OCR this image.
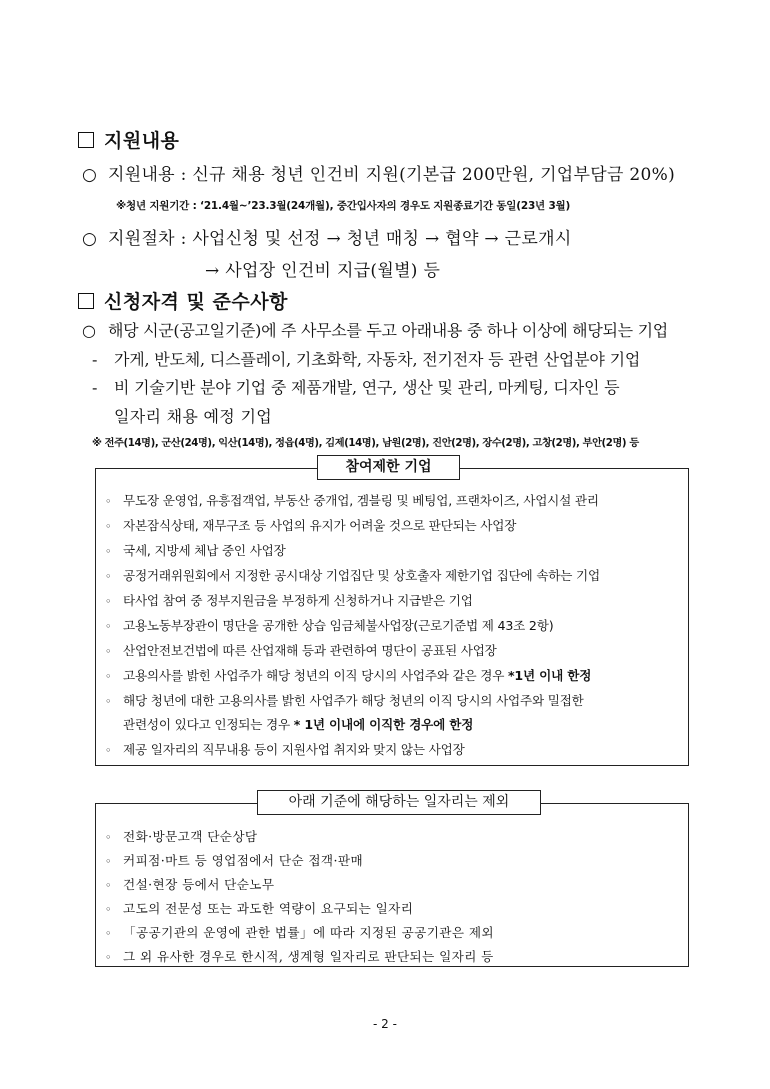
지원내용
○ 지원내용 : 신규 채용 청년 인건비 지원(기본급 200만원, 기업부담금 20%)
※청년 지원기간 : ‘21.4월~’23.3월(24개월), 중간입사자의 경우도 지원종료기간 동일(23년 3월)
○ 지원절차 : 사업신청 및 선정 → 청년 매칭 → 협약 → 근로개시
→ 사업장 인건비 지급(월별) 등
신청자격 및 준수사항
○ 해당 시군(공고일기준)에 주 사무소를 두고 아래내용 중 하나 이상에 해당되는 기업
- 가게, 반도체, 디스플레이, 기초화학, 자동차, 전기전자 등 관련 산업분야 기업
- 비 기술기반 분야 기업 중 제품개발, 연구, 생산 및 관리, 마케팅, 디자인 등
일자리 채용 예정 기업
※ 전주(14명), 군산(24명), 익산(14명), 정읍(4명), 김제(14명), 남원(2명), 진안(2명), 장수(2명), 고창(2명), 부안(2명) 등
참여제한 기업
◦ 무도장 운영업, 유흥접객업, 부동산 중개업, 겜블링 및 베팅업, 프랜차이즈, 사업시설 관리
◦ 자본잠식상태, 재무구조 등 사업의 유지가 어려울 것으로 판단되는 사업장
◦ 국세, 지방세 체납 중인 사업장
◦ 공정거래위원회에서 지정한 공시대상 기업집단 및 상호출자 제한기업 집단에 속하는 기업
◦ 타사업 참여 중 정부지원금을 부정하게 신청하거나 지급받은 기업
◦ 고용노동부장관이 명단을 공개한 상습 임금체불사업장(근로기준법 제 43조 2항)
◦ 산업안전보건법에 따른 산업재해 등과 관련하여 명단이 공표된 사업장
◦ 고용의사를 밝힌 사업주가 해당 청년의 이직 당시의 사업주와 같은 경우 *1년 이내 한정
◦ 해당 청년에 대한 고용의사를 밝힌 사업주가 해당 청년의 이직 당시의 사업주와 밀접한
관련성이 있다고 인정되는 경우 * 1년 이내에 이직한 경우에 한정
◦ 제공 일자리의 직무내용 등이 지원사업 취지와 맞지 않는 사업장
아래 기준에 해당하는 일자리는 제외
◦ 전화·방문고객 단순상담
◦ 커피점·마트 등 영업점에서 단순 접객·판매
◦ 건설·현장 등에서 단순노무
◦ 고도의 전문성 또는 과도한 역량이 요구되는 일자리
◦ 「공공기관의 운영에 관한 법률」에 따라 지정된 공공기관은 제외
◦ 그 외 유사한 경우로 한시적, 생계형 일자리로 판단되는 일자리 등
- 2 -
